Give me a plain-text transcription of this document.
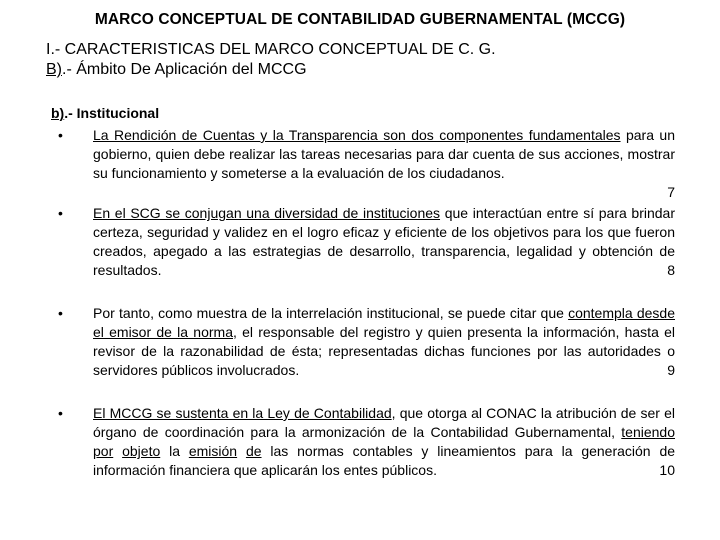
MARCO CONCEPTUAL DE CONTABILIDAD GUBERNAMENTAL (MCCG)
I.- CARACTERISTICAS DEL MARCO CONCEPTUAL DE C. G.
B).- Ámbito De Aplicación del MCCG
b).- Institucional
•	La Rendición de Cuentas y la Transparencia son dos componentes fundamentales para un gobierno, quien debe realizar las tareas necesarias para dar cuenta de sus acciones, mostrar su funcionamiento y someterse a la evaluación de los ciudadanos.
7
•	En el SCG se conjugan una diversidad de instituciones que interactúan entre sí para brindar certeza, seguridad y validez en el logro eficaz y eficiente de los objetivos para los que fueron creados, apegado a las estrategias de desarrollo, transparencia, legalidad y obtención de resultados.	8
•	Por tanto, como muestra de la interrelación institucional, se puede citar que contempla desde el emisor de la norma, el responsable del registro y quien presenta la información, hasta el revisor de la razonabilidad de ésta; representadas dichas funciones por las autoridades o servidores públicos involucrados.	9
•	El MCCG se sustenta en la Ley de Contabilidad, que otorga al CONAC la atribución de ser el órgano de coordinación para la armonización de la Contabilidad Gubernamental, teniendo por objeto la emisión de las normas contables y lineamientos para la generación de información financiera que aplicarán los entes públicos.	10
